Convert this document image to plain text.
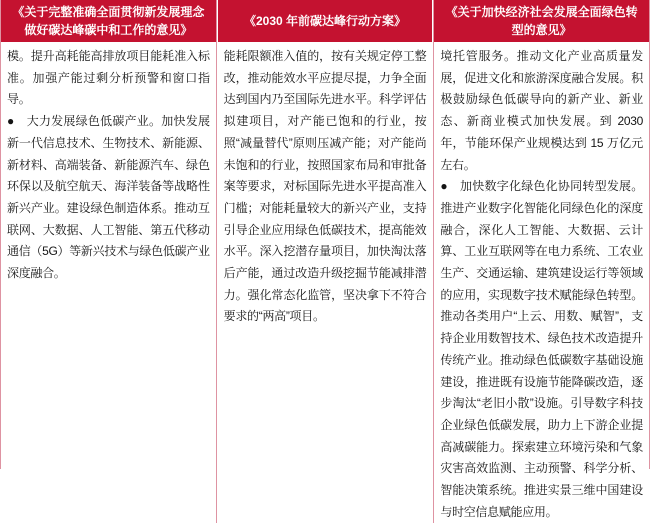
《关于完整准确全面贯彻新发展理念做好碳达峰碳中和工作的意见》

模。提升高耗能高排放项目能耗准入标准。加强产能过剩分析预警和窗口指导。

●　大力发展绿色低碳产业。加快发展新一代信息技术、生物技术、新能源、新材料、高端装备、新能源汽车、绿色环保以及航空航天、海洋装备等战略性新兴产业。建设绿色制造体系。推动互联网、大数据、人工智能、第五代移动通信（5G）等新兴技术与绿色低碳产业深度融合。

《2030 年前碳达峰行动方案》

能耗限额准入值的，按有关规定停工整改，推动能效水平应提尽提，力争全面达到国内乃至国际先进水平。科学评估拟建项目，对产能已饱和的行业，按照“减量替代”原则压减产能；对产能尚未饱和的行业，按照国家布局和审批备案等要求，对标国际先进水平提高准入门槛；对能耗量较大的新兴产业，支持引导企业应用绿色低碳技术，提高能效水平。深入挖潜存量项目，加快淘汰落后产能，通过改造升级挖掘节能减排潜力。强化常态化监管，坚决拿下不符合要求的“两高”项目。

《关于加快经济社会发展全面绿色转型的意见》

境托管服务。推动文化产业高质量发展，促进文化和旅游深度融合发展。积极鼓励绿色低碳导向的新产业、新业态、新商业模式加快发展。到 2030 年，节能环保产业规模达到 15 万亿元左右。

●　加快数字化绿色化协同转型发展。推进产业数字化智能化同绿色化的深度融合，深化人工智能、大数据、云计算、工业互联网等在电力系统、工农业生产、交通运输、建筑建设运行等领域的应用，实现数字技术赋能绿色转型。推动各类用户“上云、用数、赋智”，支持企业用数智技术、绿色技术改造提升传统产业。推动绿色低碳数字基础设施建设，推进既有设施节能降碳改造，逐步淘汰“老旧小散”设施。引导数字科技企业绿色低碳发展，助力上下游企业提高减碳能力。探索建立环境污染和气象灾害高效监测、主动预警、科学分析、智能决策系统。推进实景三维中国建设与时空信息赋能应用。
